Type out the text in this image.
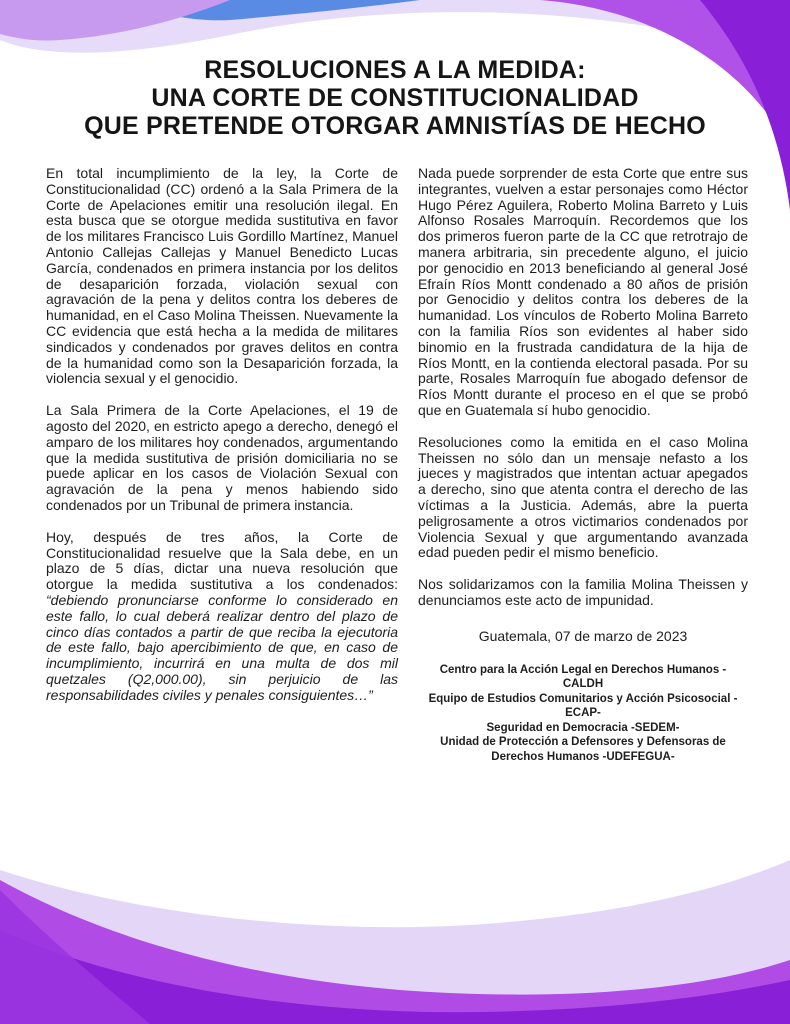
RESOLUCIONES A LA MEDIDA:
UNA CORTE DE CONSTITUCIONALIDAD
QUE PRETENDE OTORGAR AMNISTÍAS DE HECHO

En total incumplimiento de la ley, la Corte de Constitucionalidad (CC) ordenó a la Sala Primera de la Corte de Apelaciones emitir una resolución ilegal. En esta busca que se otorgue medida sustitutiva en favor de los militares Francisco Luis Gordillo Martínez, Manuel Antonio Callejas Callejas y Manuel Benedicto Lucas García, condenados en primera instancia por los delitos de desaparición forzada, violación sexual con agravación de la pena y delitos contra los deberes de humanidad, en el Caso Molina Theissen. Nuevamente la CC evidencia que está hecha a la medida de militares sindicados y condenados por graves delitos en contra de la humanidad como son la Desaparición forzada, la violencia sexual y el genocidio.

La Sala Primera de la Corte Apelaciones, el 19 de agosto del 2020, en estricto apego a derecho, denegó el amparo de los militares hoy condenados, argumentando que la medida sustitutiva de prisión domiciliaria no se puede aplicar en los casos de Violación Sexual con agravación de la pena y menos habiendo sido condenados por un Tribunal de primera instancia.

Hoy, después de tres años, la Corte de Constitucionalidad resuelve que la Sala debe, en un plazo de 5 días, dictar una nueva resolución que otorgue la medida sustitutiva a los condenados: “debiendo pronunciarse conforme lo considerado en este fallo, lo cual deberá realizar dentro del plazo de cinco días contados a partir de que reciba la ejecutoria de este fallo, bajo apercibimiento de que, en caso de incumplimiento, incurrirá en una multa de dos mil quetzales (Q2,000.00), sin perjuicio de las responsabilidades civiles y penales consiguientes…”

Nada puede sorprender de esta Corte que entre sus integrantes, vuelven a estar personajes como Héctor Hugo Pérez Aguilera, Roberto Molina Barreto y Luis Alfonso Rosales Marroquín. Recordemos que los dos primeros fueron parte de la CC que retrotrajo de manera arbitraria, sin precedente alguno, el juicio por genocidio en 2013 beneficiando al general José Efraín Ríos Montt condenado a 80 años de prisión por Genocidio y delitos contra los deberes de la humanidad. Los vínculos de Roberto Molina Barreto con la familia Ríos son evidentes al haber sido binomio en la frustrada candidatura de la hija de Ríos Montt, en la contienda electoral pasada. Por su parte, Rosales Marroquín fue abogado defensor de Ríos Montt durante el proceso en el que se probó que en Guatemala sí hubo genocidio.

Resoluciones como la emitida en el caso Molina Theissen no sólo dan un mensaje nefasto a los jueces y magistrados que intentan actuar apegados a derecho, sino que atenta contra el derecho de las víctimas a la Justicia. Además, abre la puerta peligrosamente a otros victimarios condenados por Violencia Sexual y que argumentando avanzada edad pueden pedir el mismo beneficio.

Nos solidarizamos con la familia Molina Theissen y denunciamos este acto de impunidad.

Guatemala, 07 de marzo de 2023

Centro para la Acción Legal en Derechos Humanos -
CALDH
Equipo de Estudios Comunitarios y Acción Psicosocial -
ECAP-
Seguridad en Democracia -SEDEM-
Unidad de Protección a Defensores y Defensoras de
Derechos Humanos -UDEFEGUA-
